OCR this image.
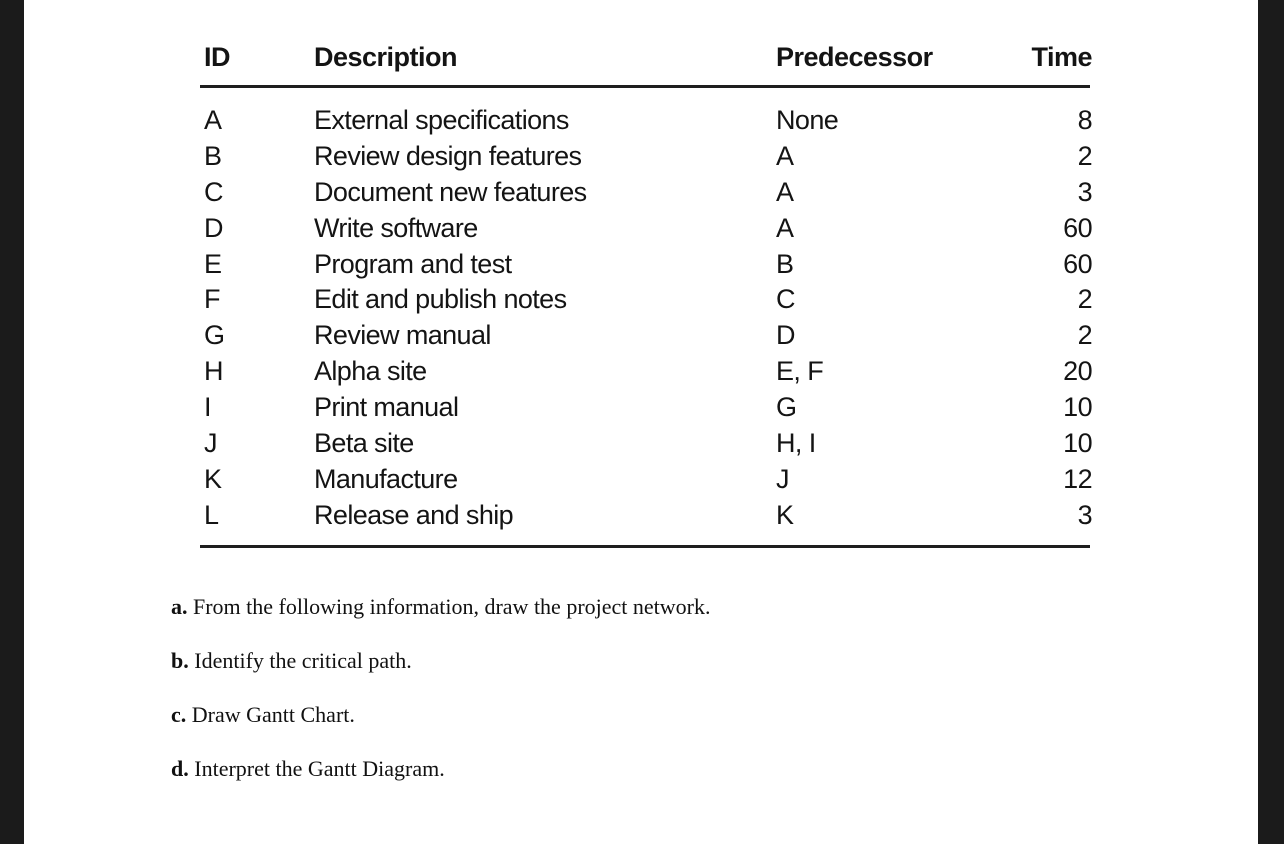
ID	Description	Predecessor	Time
A	External specifications	None	8
B	Review design features	A	2
C	Document new features	A	3
D	Write software	A	60
E	Program and test	B	60
F	Edit and publish notes	C	2
G	Review manual	D	2
H	Alpha site	E, F	20
I	Print manual	G	10
J	Beta site	H, I	10
K	Manufacture	J	12
L	Release and ship	K	3
a. From the following information, draw the project network.
b. Identify the critical path.
c. Draw Gantt Chart.
d. Interpret the Gantt Diagram.
